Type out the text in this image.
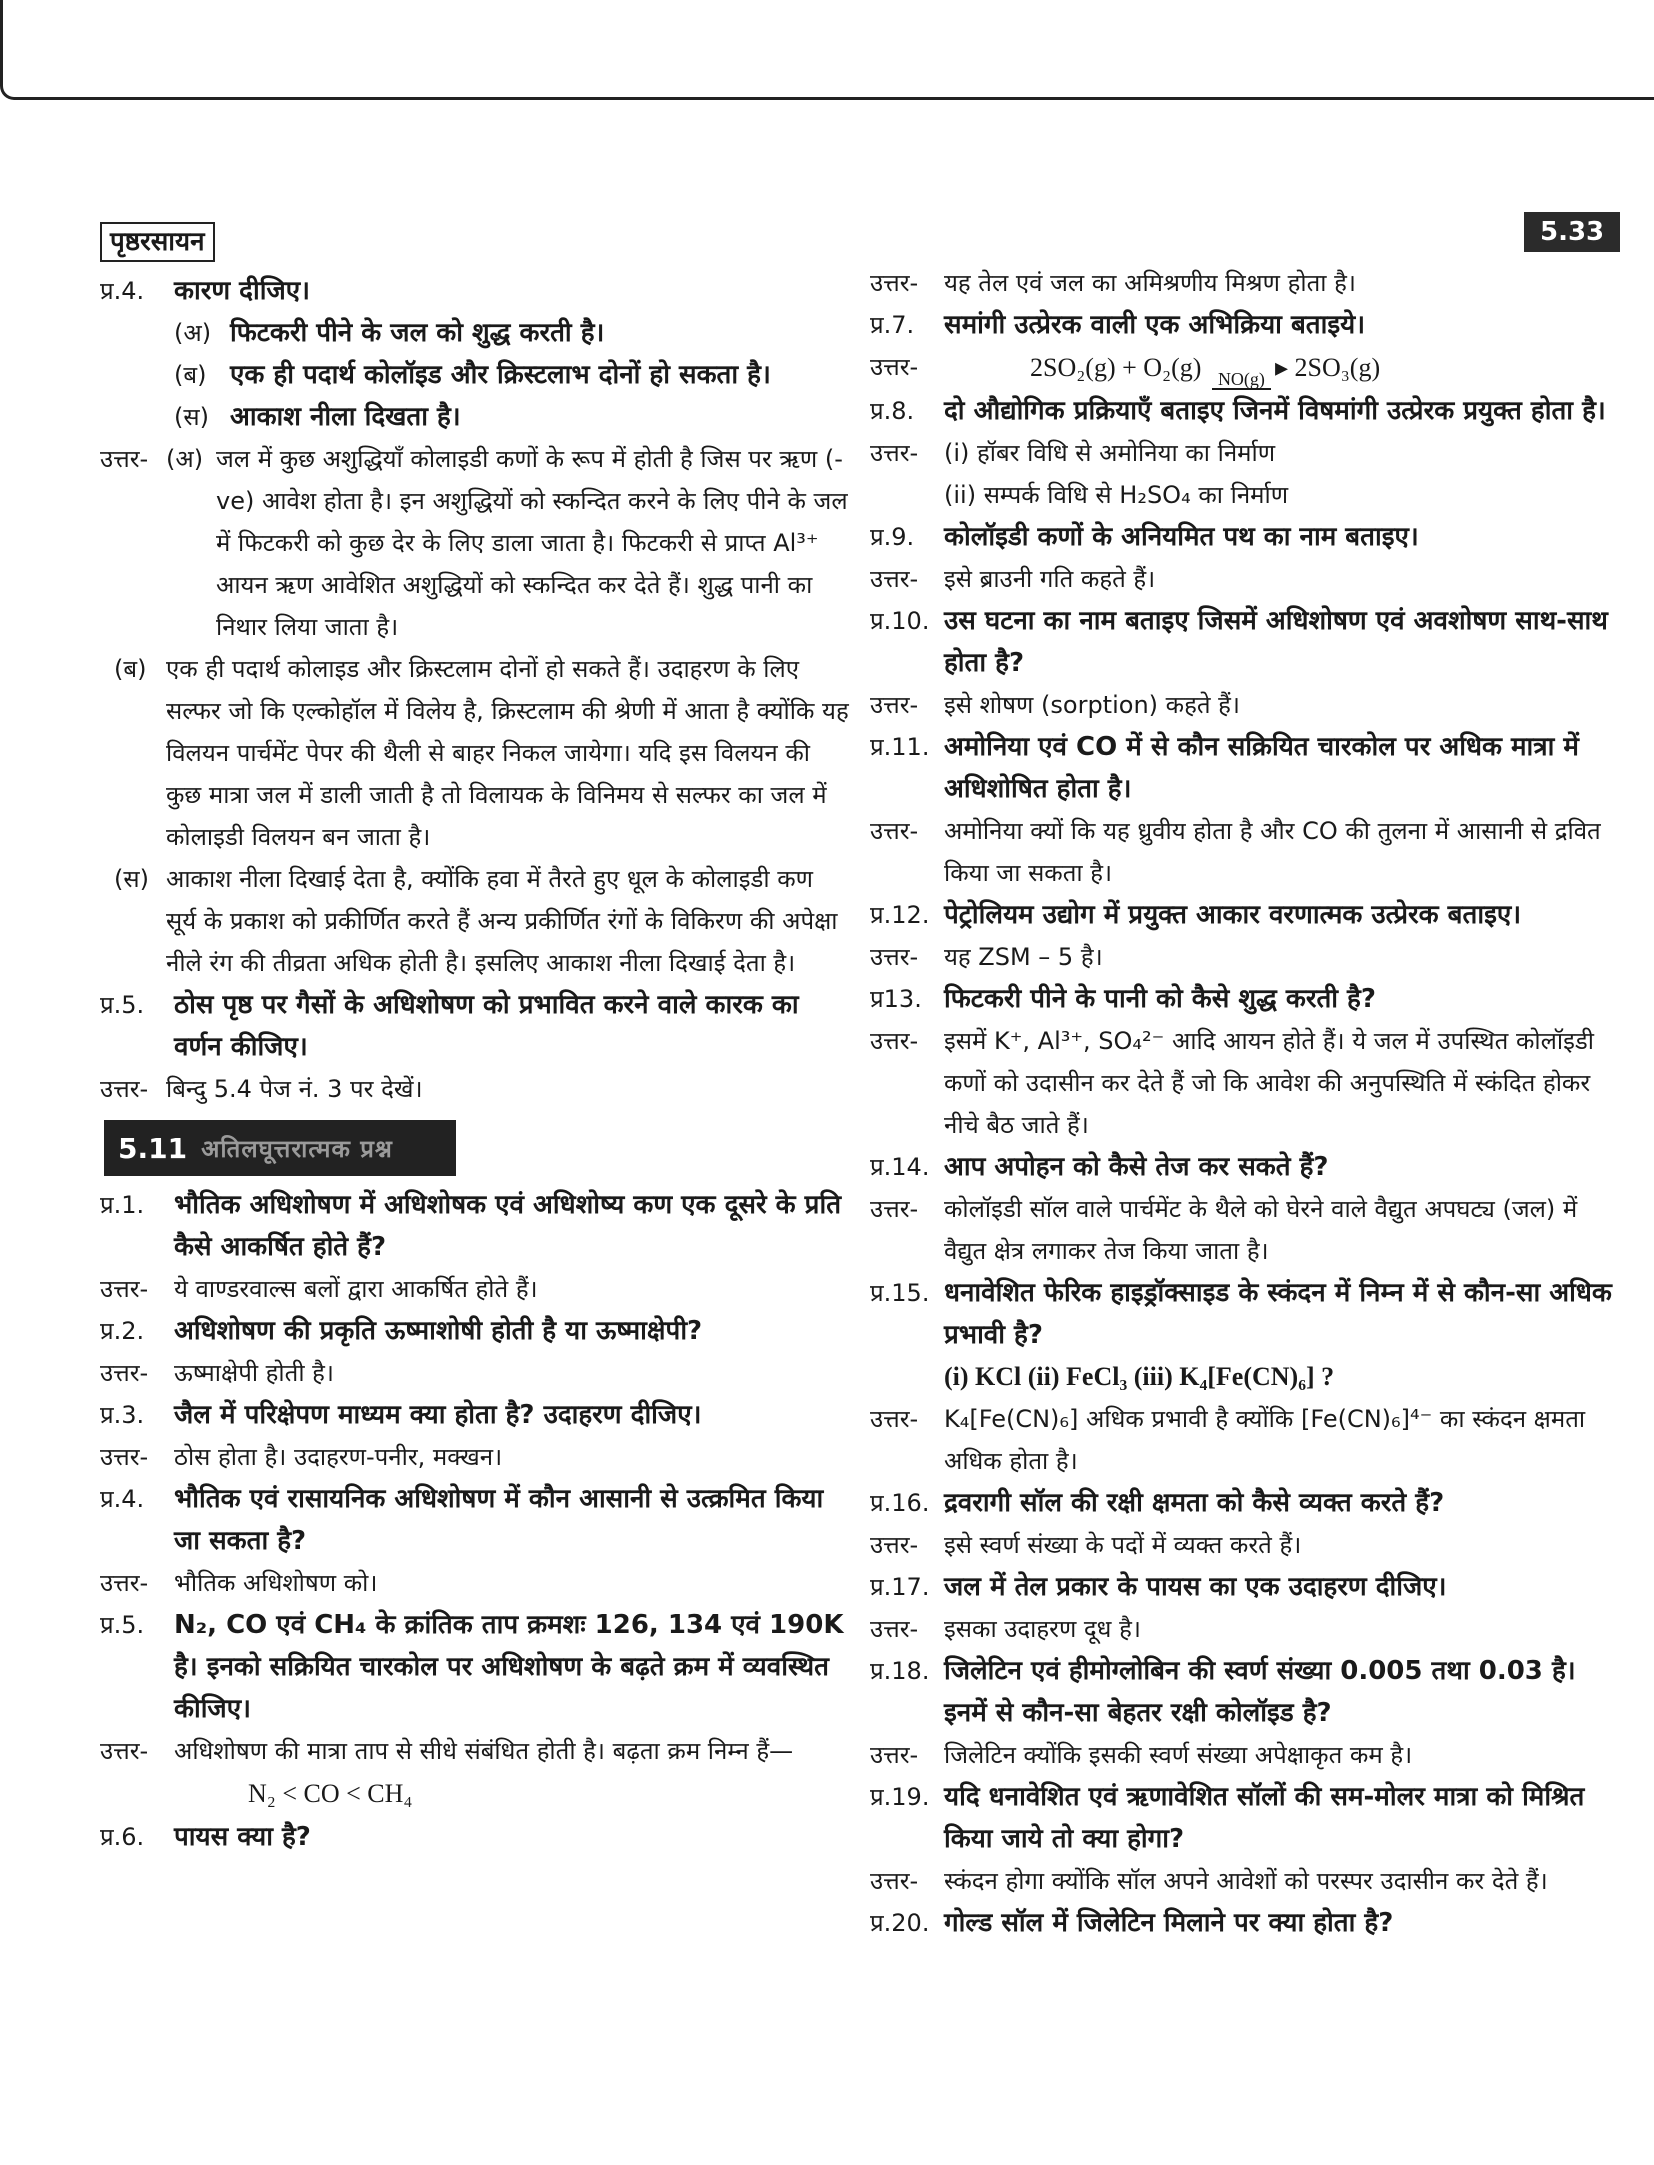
पृष्ठरसायन	5.33
प्र.4.	कारण दीजिए।
(अ) फिटकरी पीने के जल को शुद्ध करती है।
(ब) एक ही पदार्थ कोलॉइड और क्रिस्टलाभ दोनों हो सकता है।
(स) आकाश नीला दिखता है।
उत्तर- (अ) जल में कुछ अशुद्धियाँ कोलाइडी कणों के रूप में होती है जिस पर ऋण (-ve) आवेश होता है। इन अशुद्धियों को स्कन्दित करने के लिए पीने के जल में फिटकरी को कुछ देर के लिए डाला जाता है। फिटकरी से प्राप्त Al³⁺ आयन ऋण आवेशित अशुद्धियों को स्कन्दित कर देते हैं। शुद्ध पानी का निथार लिया जाता है।
(ब) एक ही पदार्थ कोलाइड और क्रिस्टलाम दोनों हो सकते हैं। उदाहरण के लिए सल्फर जो कि एल्कोहॉल में विलेय है, क्रिस्टलाम की श्रेणी में आता है क्योंकि यह विलयन पार्चमेंट पेपर की थैली से बाहर निकल जायेगा। यदि इस विलयन की कुछ मात्रा जल में डाली जाती है तो विलायक के विनिमय से सल्फर का जल में कोलाइडी विलयन बन जाता है।
(स) आकाश नीला दिखाई देता है, क्योंकि हवा में तैरते हुए धूल के कोलाइडी कण सूर्य के प्रकाश को प्रकीर्णित करते हैं अन्य प्रकीर्णित रंगों के विकिरण की अपेक्षा नीले रंग की तीव्रता अधिक होती है। इसलिए आकाश नीला दिखाई देता है।
प्र.5.	ठोस पृष्ठ पर गैसों के अधिशोषण को प्रभावित करने वाले कारक का वर्णन कीजिए।
उत्तर- बिन्दु 5.4 पेज नं. 3 पर देखें।
5.11 अतिलघूत्तरात्मक प्रश्न
प्र.1.	भौतिक अधिशोषण में अधिशोषक एवं अधिशोष्य कण एक दूसरे के प्रति कैसे आकर्षित होते हैं?
उत्तर-	ये वाण्डरवाल्स बलों द्वारा आकर्षित होते हैं।
प्र.2.	अधिशोषण की प्रकृति ऊष्माशोषी होती है या ऊष्माक्षेपी?
उत्तर-	ऊष्माक्षेपी होती है।
प्र.3.	जैल में परिक्षेपण माध्यम क्या होता है? उदाहरण दीजिए।
उत्तर-	ठोस होता है। उदाहरण-पनीर, मक्खन।
प्र.4.	भौतिक एवं रासायनिक अधिशोषण में कौन आसानी से उत्क्रमित किया जा सकता है?
उत्तर-	भौतिक अधिशोषण को।
प्र.5.	N₂, CO एवं CH₄ के क्रांतिक ताप क्रमशः 126, 134 एवं 190K है। इनको सक्रियित चारकोल पर अधिशोषण के बढ़ते क्रम में व्यवस्थित कीजिए।
उत्तर-	अधिशोषण की मात्रा ताप से सीधे संबंधित होती है। बढ़ता क्रम निम्न हैं—
N₂ < CO < CH₄
प्र.6.	पायस क्या है?
उत्तर-	यह तेल एवं जल का अमिश्रणीय मिश्रण होता है।
प्र.7.	समांगी उत्प्रेरक वाली एक अभिक्रिया बताइये।
उत्तर-	2SO₂(g) + O₂(g) NO(g) ▸ 2SO₃(g)
प्र.8.	दो औद्योगिक प्रक्रियाएँ बताइए जिनमें विषमांगी उत्प्रेरक प्रयुक्त होता है।
उत्तर-	(i) हॉबर विधि से अमोनिया का निर्माण
(ii) सम्पर्क विधि से H₂SO₄ का निर्माण
प्र.9.	कोलॉइडी कणों के अनियमित पथ का नाम बताइए।
उत्तर-	इसे ब्राउनी गति कहते हैं।
प्र.10. उस घटना का नाम बताइए जिसमें अधिशोषण एवं अवशोषण साथ-साथ होता है?
उत्तर-	इसे शोषण (sorption) कहते हैं।
प्र.11. अमोनिया एवं CO में से कौन सक्रियित चारकोल पर अधिक मात्रा में अधिशोषित होता है।
उत्तर-	अमोनिया क्यों कि यह ध्रुवीय होता है और CO की तुलना में आसानी से द्रवित किया जा सकता है।
प्र.12. पेट्रोलियम उद्योग में प्रयुक्त आकार वरणात्मक उत्प्रेरक बताइए।
उत्तर-	यह ZSM – 5 है।
प्र13. फिटकरी पीने के पानी को कैसे शुद्ध करती है?
उत्तर-	इसमें K⁺, Al³⁺, SO₄²⁻ आदि आयन होते हैं। ये जल में उपस्थित कोलॉइडी कणों को उदासीन कर देते हैं जो कि आवेश की अनुपस्थिति में स्कंदित होकर नीचे बैठ जाते हैं।
प्र.14. आप अपोहन को कैसे तेज कर सकते हैं?
उत्तर-	कोलॉइडी सॉल वाले पार्चमेंट के थैले को घेरने वाले वैद्युत अपघट्य (जल) में वैद्युत क्षेत्र लगाकर तेज किया जाता है।
प्र.15. धनावेशित फेरिक हाइड्रॉक्साइड के स्कंदन में निम्न में से कौन-सा अधिक प्रभावी है?
(i) KCl (ii) FeCl₃ (iii) K₄[Fe(CN)₆] ?
उत्तर-	K₄[Fe(CN)₆] अधिक प्रभावी है क्योंकि [Fe(CN)₆]⁴⁻ का स्कंदन क्षमता अधिक होता है।
प्र.16. द्रवरागी सॉल की रक्षी क्षमता को कैसे व्यक्त करते हैं?
उत्तर-	इसे स्वर्ण संख्या के पदों में व्यक्त करते हैं।
प्र.17. जल में तेल प्रकार के पायस का एक उदाहरण दीजिए।
उत्तर-	इसका उदाहरण दूध है।
प्र.18. जिलेटिन एवं हीमोग्लोबिन की स्वर्ण संख्या 0.005 तथा 0.03 है। इनमें से कौन-सा बेहतर रक्षी कोलॉइड है?
उत्तर-	जिलेटिन क्योंकि इसकी स्वर्ण संख्या अपेक्षाकृत कम है।
प्र.19. यदि धनावेशित एवं ऋणावेशित सॉलों की सम-मोलर मात्रा को मिश्रित किया जाये तो क्या होगा?
उत्तर-	स्कंदन होगा क्योंकि सॉल अपने आवेशों को परस्पर उदासीन कर देते हैं।
प्र.20. गोल्ड सॉल में जिलेटिन मिलाने पर क्या होता है?
